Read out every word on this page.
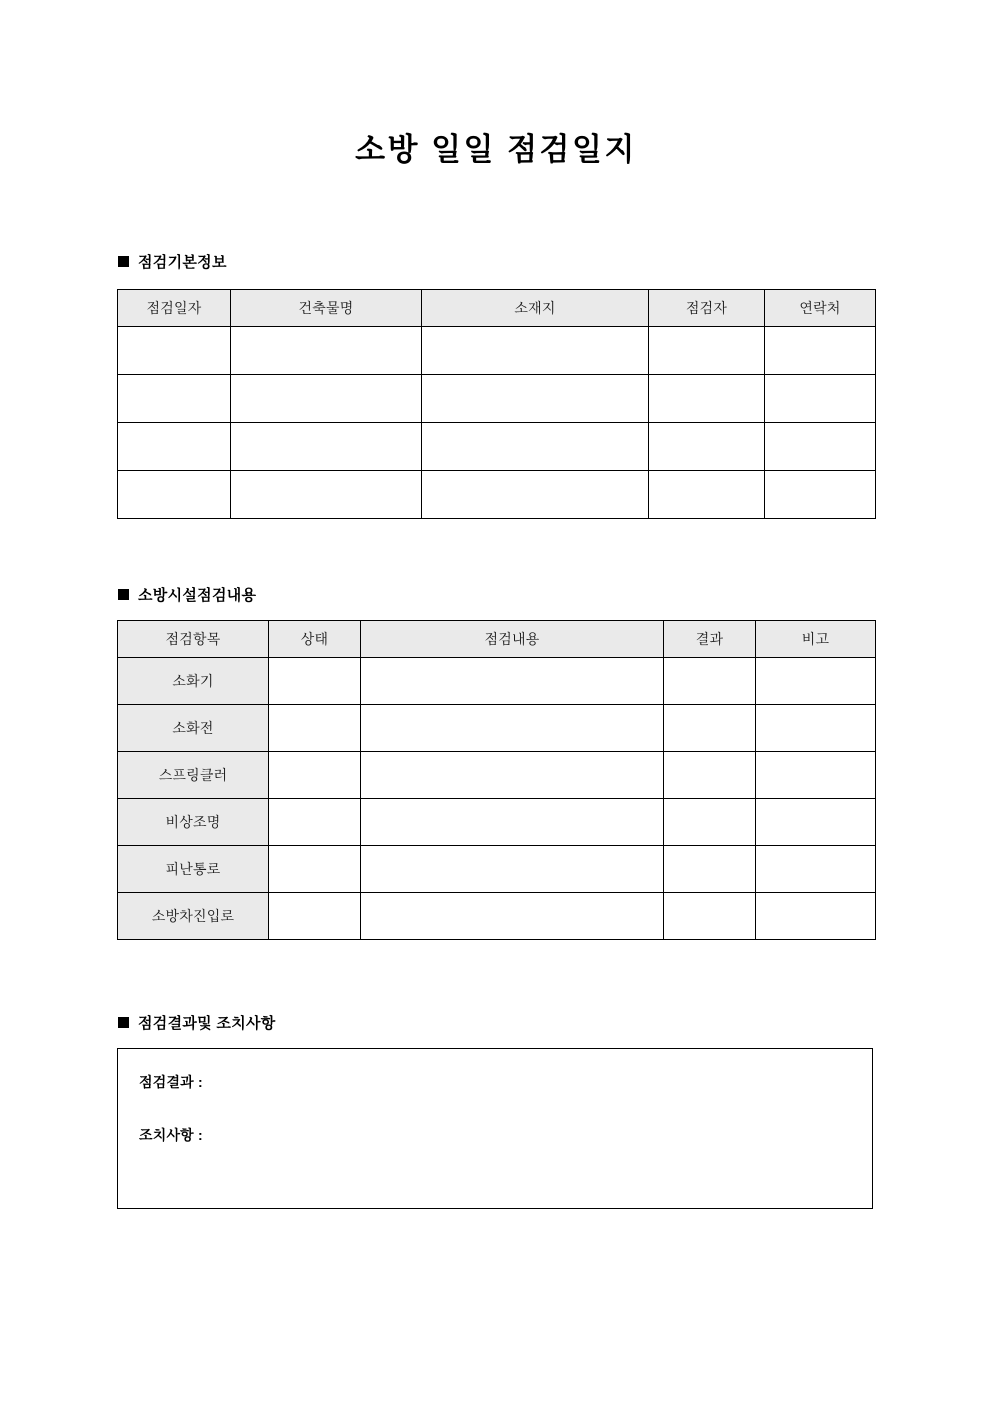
소방 일일 점검일지
점검기본정보
점검일자	건축물명	소재지	점검자	연락처

소방시설점검내용
점검항목	상태	점검내용	결과	비고
소화기				
소화전				
스프링클러				
비상조명				
피난통로				
소방차진입로				
점검결과및 조치사항
점검결과 :
조치사항 :
